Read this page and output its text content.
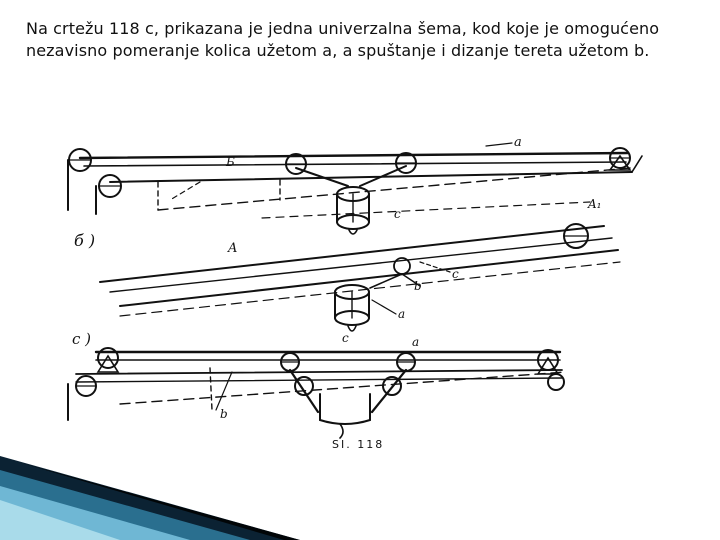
Na crtežu 118 c, prikazana je jedna univerzalna šema, kod koje je omogućeno nezavisno pomeranje kolica užetom a, a spuštanje i dizanje tereta užetom b.

a
Б
c
б )	A
A₁
b
c
a
c
c )	a
b
SI. 118
